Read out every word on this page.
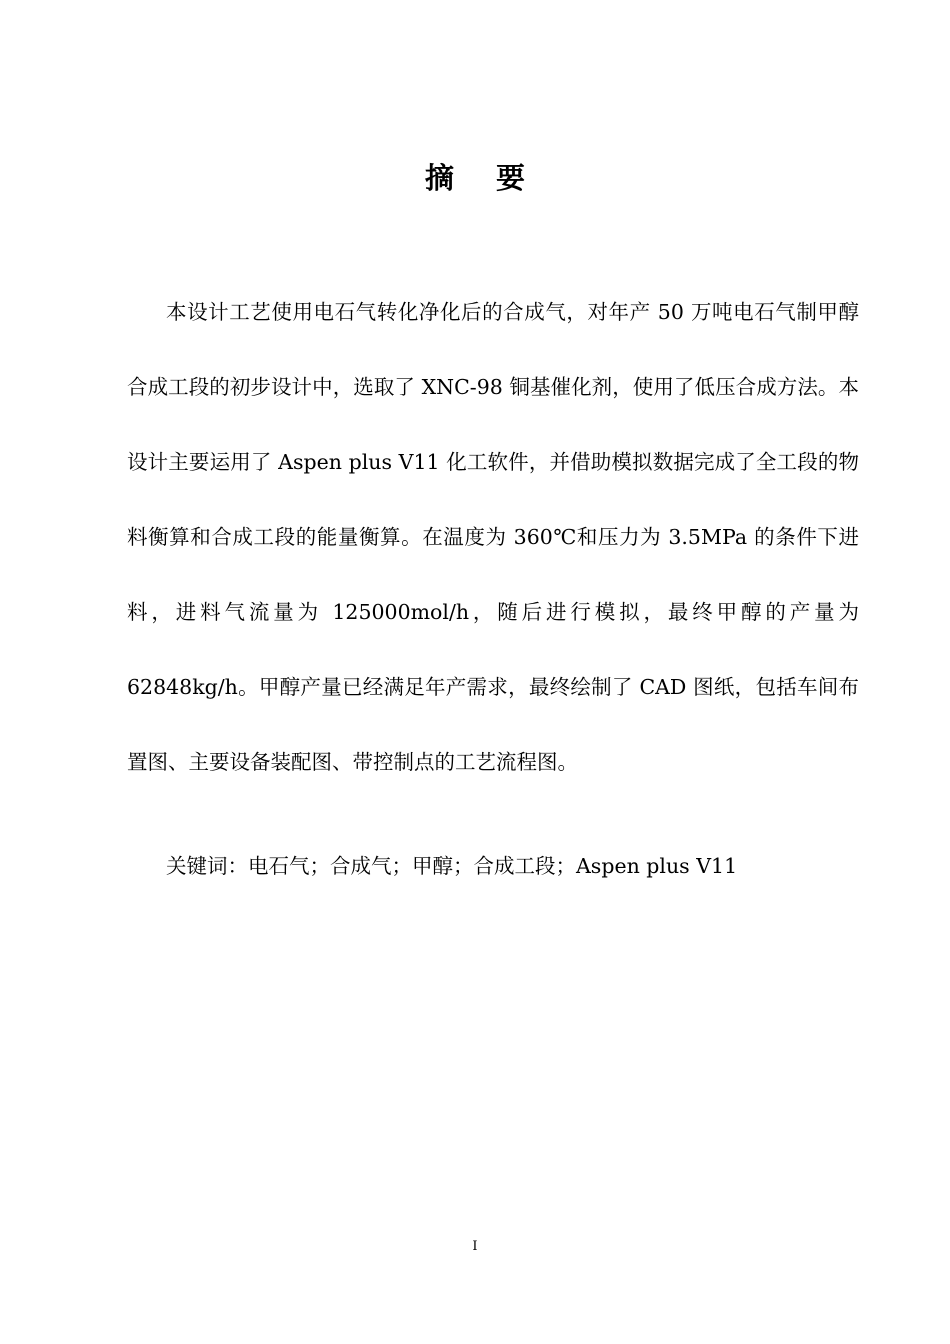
摘要

本设计工艺使用电石气转化净化后的合成气，对年产 50 万吨电石气制甲醇合成工段的初步设计中，选取了 XNC-98 铜基催化剂，使用了低压合成方法。本设计主要运用了 Aspen plus V11 化工软件，并借助模拟数据完成了全工段的物料衡算和合成工段的能量衡算。在温度为 360℃和压力为 3.5MPa 的条件下进料，进料气流量为 125000mol/h，随后进行模拟，最终甲醇的产量为 62848kg/h。甲醇产量已经满足年产需求，最终绘制了 CAD 图纸，包括车间布置图、主要设备装配图、带控制点的工艺流程图。

关键词：电石气；合成气；甲醇；合成工段；Aspen plus V11
I
